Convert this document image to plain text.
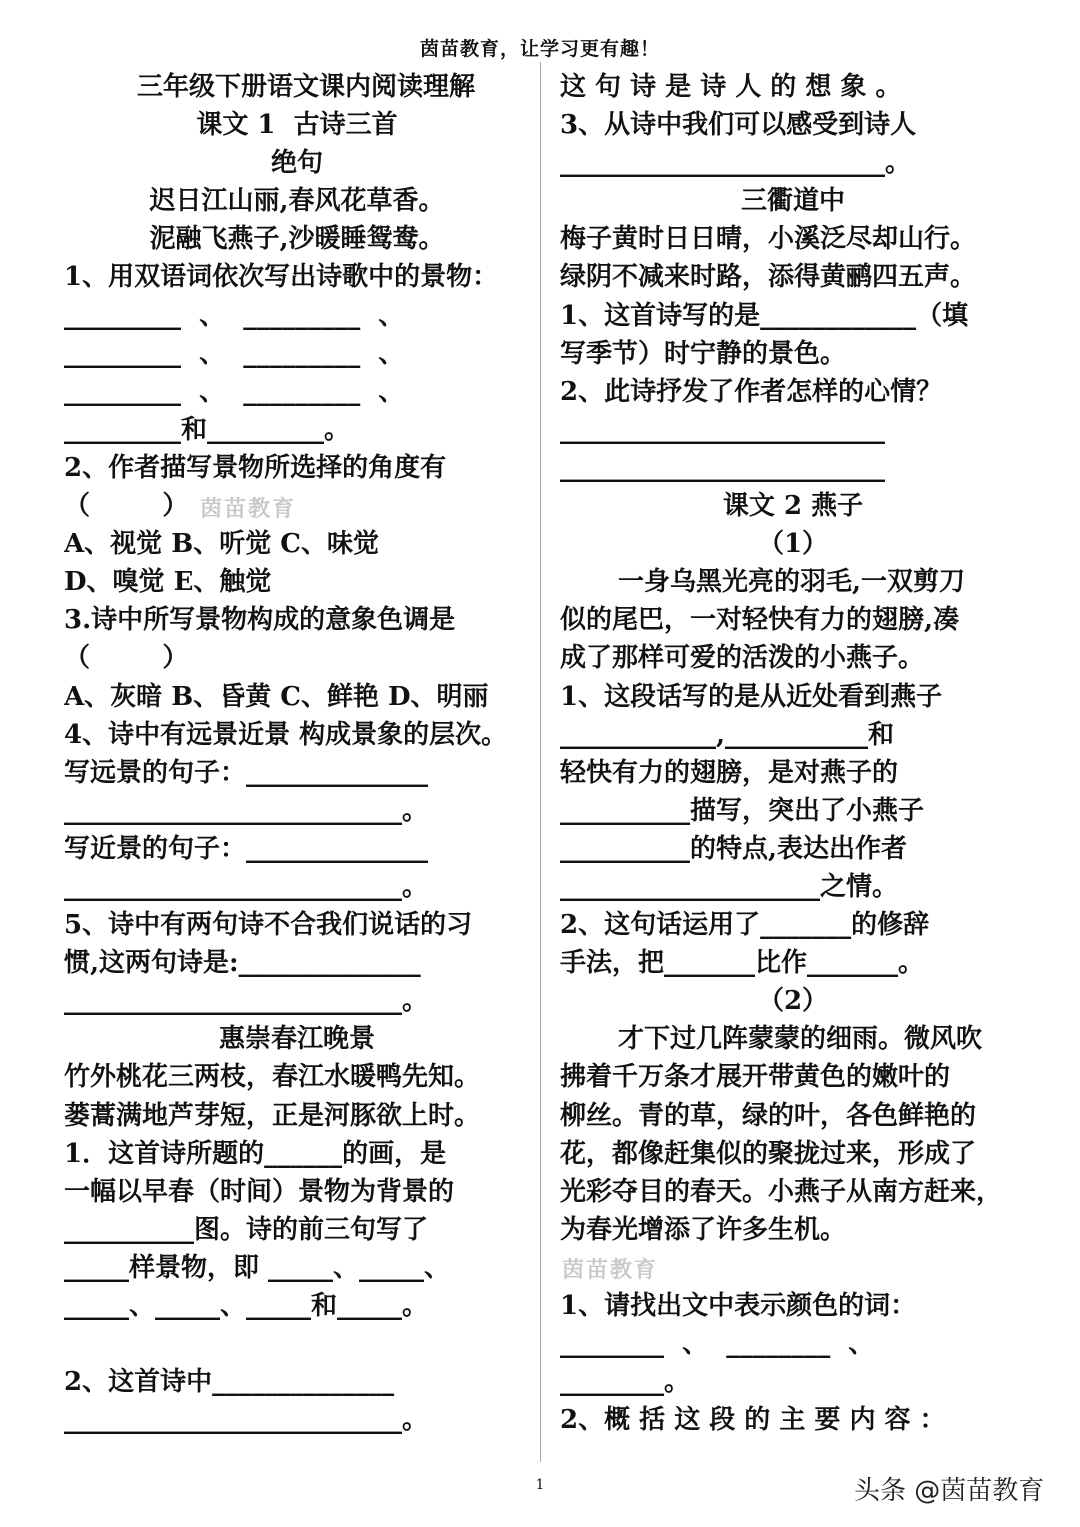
茵苗教育，让学习更有趣！
三年级下册语文课内阅读理解
课文 1  古诗三首
绝句
迟日江山丽,春风花草香。
泥融飞燕子,沙暖睡鸳鸯。
1、用双语词依次写出诗歌中的景物：
_________  、  _________  、
_________  、  _________  、
_________  、  _________  、
_________和_________。
2、作者描写景物所选择的角度有
（        ）
A、视觉 B、听觉 C、味觉
D、嗅觉 E、触觉
3.诗中所写景物构成的意象色调是
（        ）
A、灰暗 B、昏黄 C、鲜艳 D、明丽
4、诗中有远景近景 构成景象的层次。
写远景的句子：______________
__________________________。
写近景的句子：______________
__________________________。
5、诗中有两句诗不合我们说话的习
惯,这两句诗是:______________
__________________________。
惠崇春江晚景
竹外桃花三两枝，春江水暖鸭先知。
蒌蒿满地芦芽短，正是河豚欲上时。
1．这首诗所题的______的画，是
一幅以早春（时间）景物为背景的
__________图。诗的前三句写了
_____样景物，即 _____、_____、
_____、_____、_____和_____。
2、这首诗中______________
__________________________。
这 句 诗 是 诗 人 的 想 象 。
3、从诗中我们可以感受到诗人
_________________________。
三衢道中
梅子黄时日日晴，小溪泛尽却山行。
绿阴不减来时路，添得黄鹂四五声。
1、这首诗写的是____________（填
写季节）时宁静的景色。
2、此诗抒发了作者怎样的心情？
_________________________
_________________________
课文 2 燕子
（1）
一身乌黑光亮的羽毛,一双剪刀
似的尾巴，一对轻快有力的翅膀,凑
成了那样可爱的活泼的小燕子。
1、这段话写的是从近处看到燕子
____________,___________和
轻快有力的翅膀，是对燕子的
__________描写，突出了小燕子
__________的特点,表达出作者
____________________之情。
2、这句话运用了_______的修辞
手法，把_______比作_______。
（2）
才下过几阵蒙蒙的细雨。微风吹
拂着千万条才展开带黄色的嫩叶的
柳丝。青的草，绿的叶，各色鲜艳的
花，都像赶集似的聚拢过来，形成了
光彩夺目的春天。小燕子从南方赶来，
为春光增添了许多生机。
1、请找出文中表示颜色的词：
________  、  ________  、
________。
2、概 括 这 段 的 主 要 内 容 ：
茵苗教育
茵苗教育
1	头条 @茵苗教育
